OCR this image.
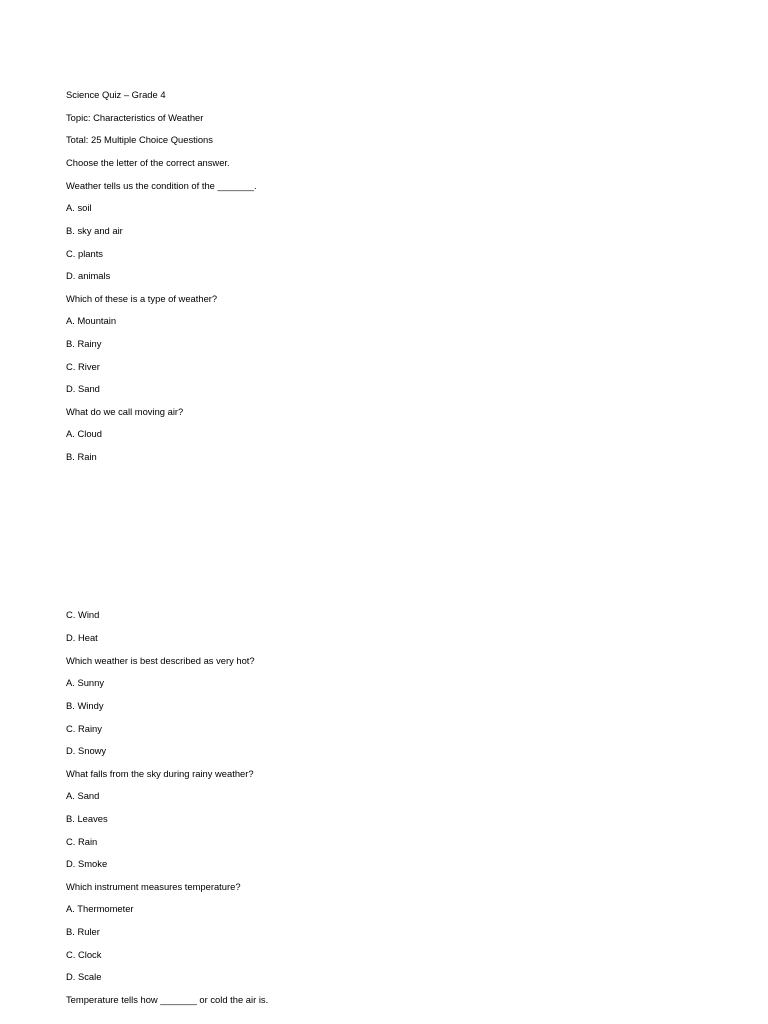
Science Quiz – Grade 4
Topic: Characteristics of Weather
Total: 25 Multiple Choice Questions
Choose the letter of the correct answer.
Weather tells us the condition of the _______.
A. soil
B. sky and air
C. plants
D. animals
Which of these is a type of weather?
A. Mountain
B. Rainy
C. River
D. Sand
What do we call moving air?
A. Cloud
B. Rain
C. Wind
D. Heat
Which weather is best described as very hot?
A. Sunny
B. Windy
C. Rainy
D. Snowy
What falls from the sky during rainy weather?
A. Sand
B. Leaves
C. Rain
D. Smoke
Which instrument measures temperature?
A. Thermometer
B. Ruler
C. Clock
D. Scale
Temperature tells how _______ or cold the air is.
